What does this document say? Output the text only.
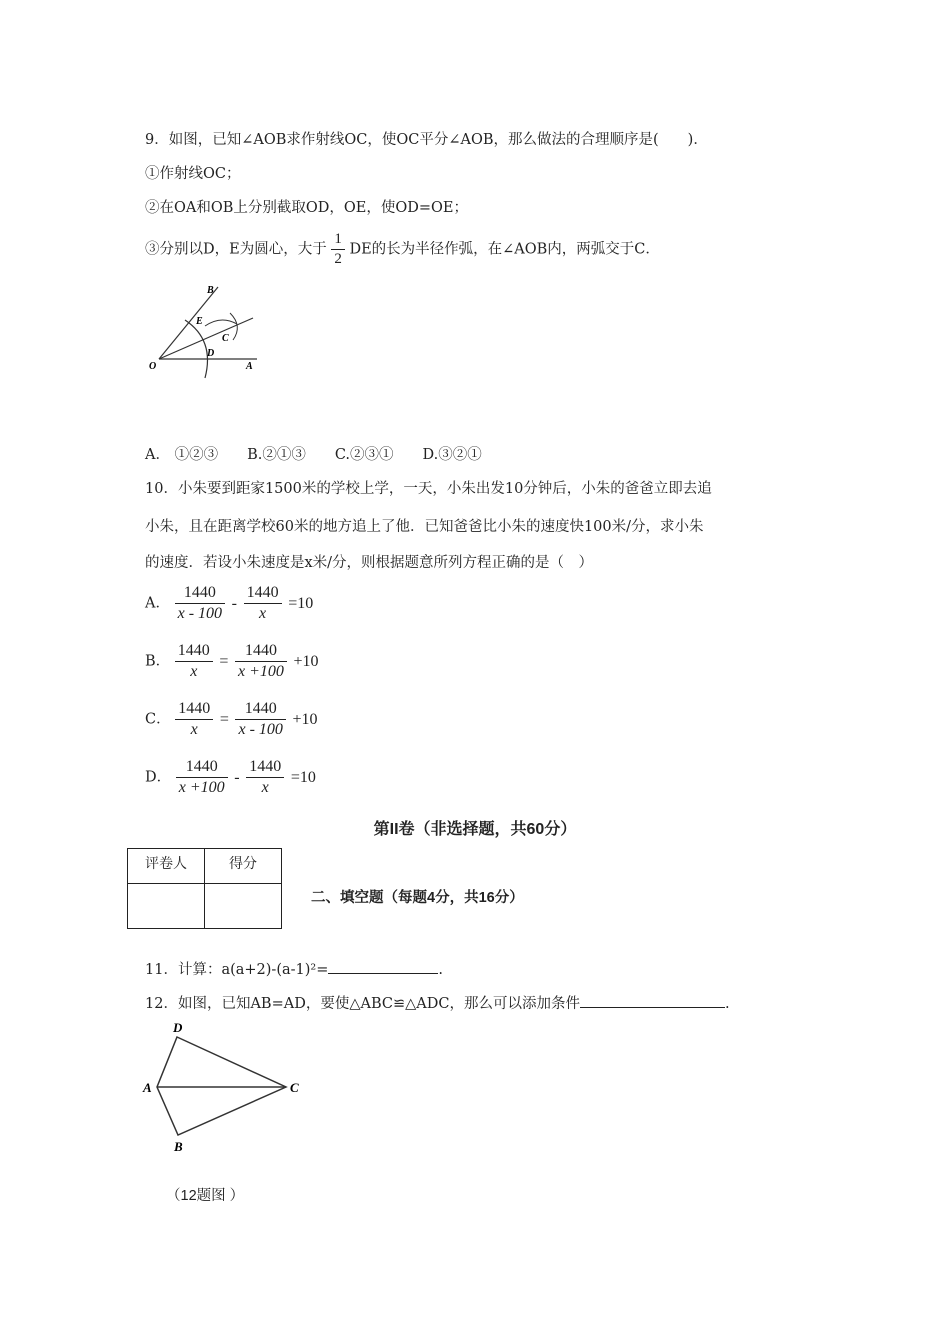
9．如图，已知∠AOB求作射线OC，使OC平分∠AOB，那么做法的合理顺序是(　　)．
①作射线OC；
②在OA和OB上分别截取OD，OE，使OD=OE；
③分别以D，E为圆心，大于 $\frac{1}{2}$ DE的长为半径作弧，在∠AOB内，两弧交于C．
O	A
B
E
D
C
A． ①②③　　B.②①③　　C.②③①　　D.③②①
10．小朱要到距家1500米的学校上学，一天，小朱出发10分钟后，小朱的爸爸立即去追
小朱，且在距离学校60米的地方追上了他．已知爸爸比小朱的速度快100米/分，求小朱
的速度．若设小朱速度是x米/分，则根据题意所列方程正确的是（　）
A． $\frac{1440}{x - 100} - \frac{1440}{x} =10$
B． $\frac{1440}{x} = \frac{1440}{x +100} +10$
C． $\frac{1440}{x} = \frac{1440}{x - 100} +10$
D． $\frac{1440}{x +100} - \frac{1440}{x} =10$
第II卷（非选择题，共60分）
评卷人	得分

二、填空题（每题4分，共16分）
11．计算：a(a+2)-(a-1)²=	.
12．如图，已知AB=AD，要使△ABC≌△ADC，那么可以添加条件	.
D
A	C
B
（12题图 ）
